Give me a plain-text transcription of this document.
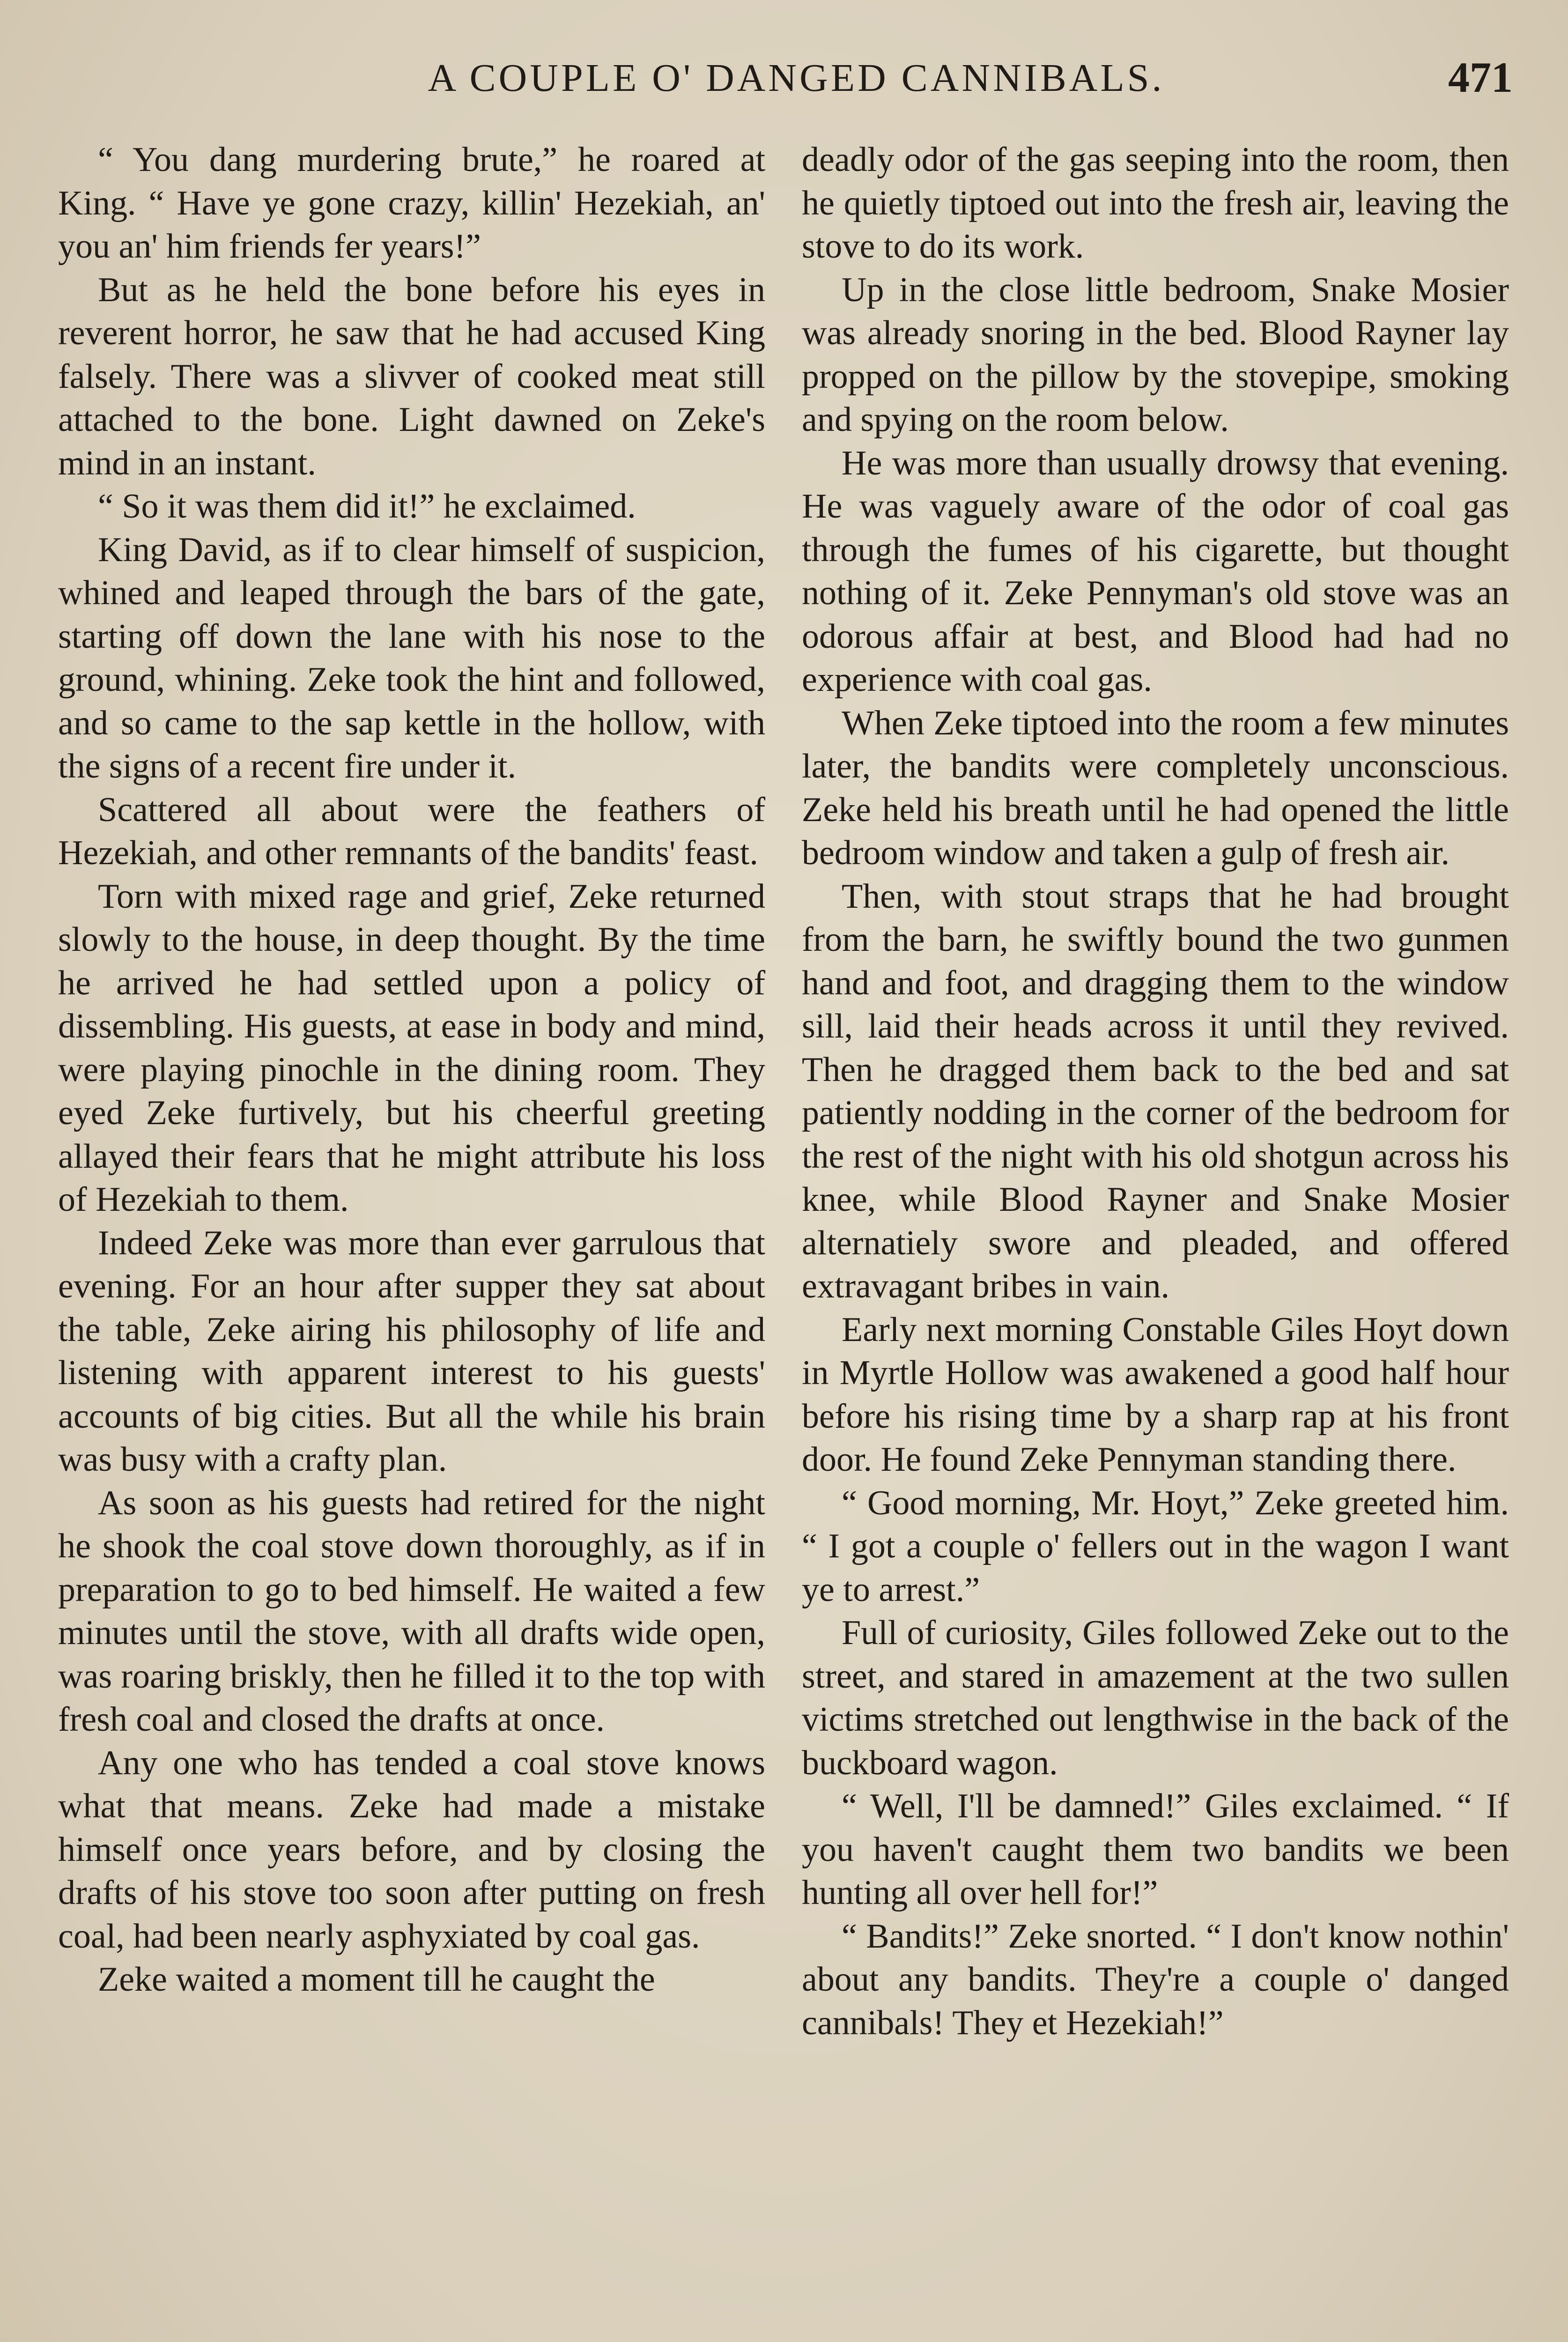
A COUPLE O' DANGED CANNIBALS.	471

“ You dang murdering brute,” he roared at King. “ Have ye gone crazy, killin' Hezekiah, an' you an' him friends fer years!”

But as he held the bone before his eyes in reverent horror, he saw that he had accused King falsely. There was a slivver of cooked meat still attached to the bone. Light dawned on Zeke's mind in an instant.

“ So it was them did it!” he exclaimed.

King David, as if to clear himself of suspicion, whined and leaped through the bars of the gate, starting off down the lane with his nose to the ground, whining. Zeke took the hint and followed, and so came to the sap kettle in the hollow, with the signs of a recent fire under it.

Scattered all about were the feathers of Hezekiah, and other remnants of the bandits' feast.

Torn with mixed rage and grief, Zeke returned slowly to the house, in deep thought. By the time he arrived he had settled upon a policy of dissembling. His guests, at ease in body and mind, were playing pinochle in the dining room. They eyed Zeke furtively, but his cheerful greeting allayed their fears that he might attribute his loss of Hezekiah to them.

Indeed Zeke was more than ever garrulous that evening. For an hour after supper they sat about the table, Zeke airing his philosophy of life and listening with apparent interest to his guests' accounts of big cities. But all the while his brain was busy with a crafty plan.

As soon as his guests had retired for the night he shook the coal stove down thoroughly, as if in preparation to go to bed himself. He waited a few minutes until the stove, with all drafts wide open, was roaring briskly, then he filled it to the top with fresh coal and closed the drafts at once.

Any one who has tended a coal stove knows what that means. Zeke had made a mistake himself once years before, and by closing the drafts of his stove too soon after putting on fresh coal, had been nearly asphyxiated by coal gas.

Zeke waited a moment till he caught the

deadly odor of the gas seeping into the room, then he quietly tiptoed out into the fresh air, leaving the stove to do its work.

Up in the close little bedroom, Snake Mosier was already snoring in the bed. Blood Rayner lay propped on the pillow by the stovepipe, smoking and spying on the room below.

He was more than usually drowsy that evening. He was vaguely aware of the odor of coal gas through the fumes of his cigarette, but thought nothing of it. Zeke Pennyman's old stove was an odorous affair at best, and Blood had had no experience with coal gas.

When Zeke tiptoed into the room a few minutes later, the bandits were completely unconscious. Zeke held his breath until he had opened the little bedroom window and taken a gulp of fresh air.

Then, with stout straps that he had brought from the barn, he swiftly bound the two gunmen hand and foot, and dragging them to the window sill, laid their heads across it until they revived. Then he dragged them back to the bed and sat patiently nodding in the corner of the bedroom for the rest of the night with his old shotgun across his knee, while Blood Rayner and Snake Mosier alternatiely swore and pleaded, and offered extravagant bribes in vain.

Early next morning Constable Giles Hoyt down in Myrtle Hollow was awakened a good half hour before his rising time by a sharp rap at his front door. He found Zeke Pennyman standing there.

“ Good morning, Mr. Hoyt,” Zeke greeted him. “ I got a couple o' fellers out in the wagon I want ye to arrest.”

Full of curiosity, Giles followed Zeke out to the street, and stared in amazement at the two sullen victims stretched out lengthwise in the back of the buckboard wagon.

“ Well, I'll be damned!” Giles exclaimed. “ If you haven't caught them two bandits we been hunting all over hell for!”

“ Bandits!” Zeke snorted. “ I don't know nothin' about any bandits. They're a couple o' danged cannibals! They et Hezekiah!”
